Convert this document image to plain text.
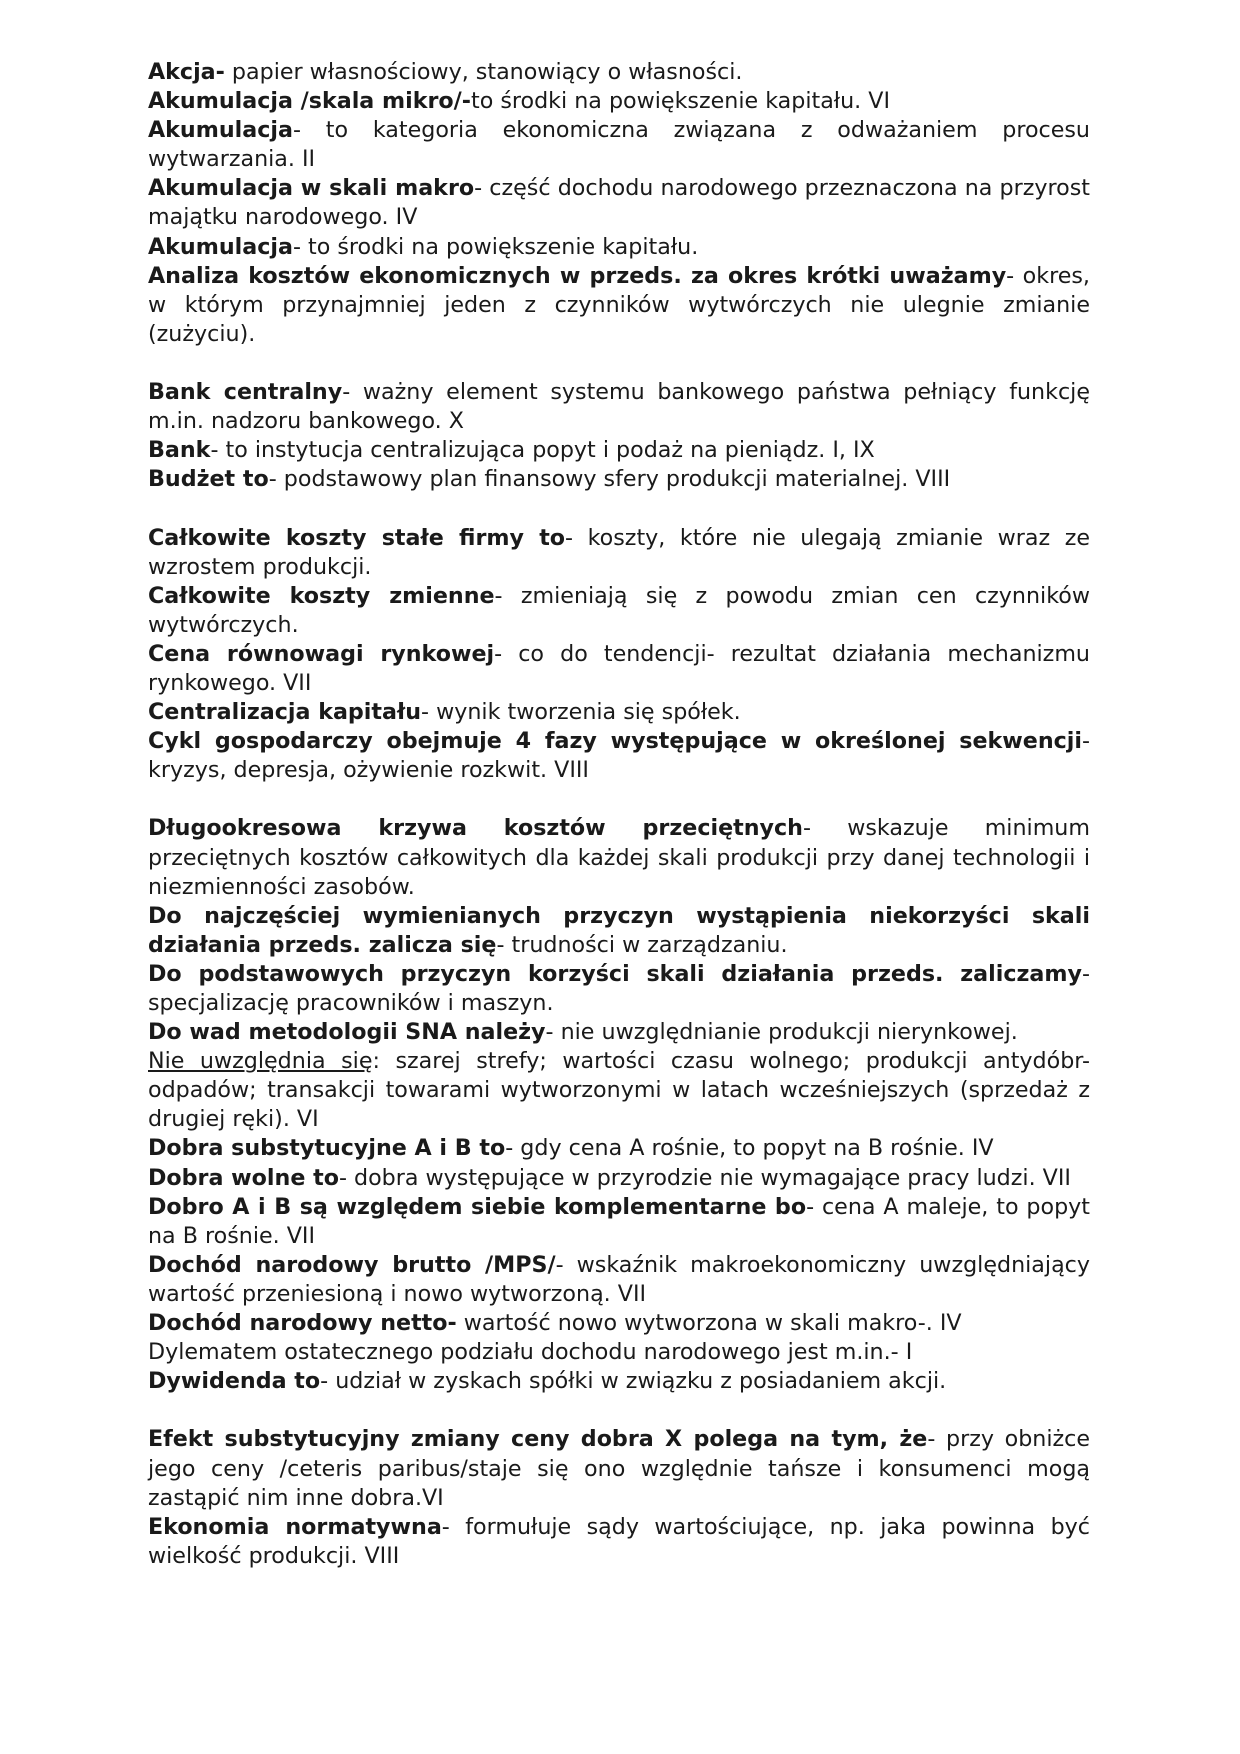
Akcja- papier własnościowy, stanowiący o własności.

Akumulacja /skala mikro/-to środki na powiększenie kapitału. VI

Akumulacja- to kategoria ekonomiczna związana z odważaniem procesu wytwarzania. II

Akumulacja w skali makro- część dochodu narodowego przeznaczona na przyrost majątku narodowego. IV

Akumulacja- to środki na powiększenie kapitału.

Analiza kosztów ekonomicznych w przeds. za okres krótki uważamy- okres, w którym przynajmniej jeden z czynników wytwórczych nie ulegnie zmianie (zużyciu).

Bank centralny- ważny element systemu bankowego państwa pełniący funkcję m.in. nadzoru bankowego. X

Bank- to instytucja centralizująca popyt i podaż na pieniądz. I, IX

Budżet to- podstawowy plan finansowy sfery produkcji materialnej. VIII

Całkowite koszty stałe firmy to- koszty, które nie ulegają zmianie wraz ze wzrostem produkcji.

Całkowite koszty zmienne- zmieniają się z powodu zmian cen czynników wytwórczych.

Cena równowagi rynkowej- co do tendencji- rezultat działania mechanizmu rynkowego. VII

Centralizacja kapitału- wynik tworzenia się spółek.

Cykl gospodarczy obejmuje 4 fazy występujące w określonej sekwencji- kryzys, depresja, ożywienie rozkwit. VIII

Długookresowa krzywa kosztów przeciętnych- wskazuje minimum przeciętnych kosztów całkowitych dla każdej skali produkcji przy danej technologii i niezmienności zasobów.

Do najczęściej wymienianych przyczyn wystąpienia niekorzyści skali działania przeds. zalicza się- trudności w zarządzaniu.

Do podstawowych przyczyn korzyści skali działania przeds. zaliczamy- specjalizację pracowników i maszyn.

Do wad metodologii SNA należy- nie uwzględnianie produkcji nierynkowej.

Nie uwzględnia się: szarej strefy; wartości czasu wolnego; produkcji antydóbr- odpadów; transakcji towarami wytworzonymi w latach wcześniejszych (sprzedaż z drugiej ręki). VI

Dobra substytucyjne A i B to- gdy cena A rośnie, to popyt na B rośnie. IV

Dobra wolne to- dobra występujące w przyrodzie nie wymagające pracy ludzi. VII

Dobro A i B są względem siebie komplementarne bo- cena A maleje, to popyt na B rośnie. VII

Dochód narodowy brutto /MPS/- wskaźnik makroekonomiczny uwzględniający wartość przeniesioną i nowo wytworzoną. VII

Dochód narodowy netto- wartość nowo wytworzona w skali makro-. IV

Dylematem ostatecznego podziału dochodu narodowego jest m.in.- I

Dywidenda to- udział w zyskach spółki w związku z posiadaniem akcji.

Efekt substytucyjny zmiany ceny dobra X polega na tym, że- przy obniżce jego ceny /ceteris paribus/staje się ono względnie tańsze i konsumenci mogą zastąpić nim inne dobra.VI

Ekonomia normatywna- formułuje sądy wartościujące, np. jaka powinna być wielkość produkcji. VIII
